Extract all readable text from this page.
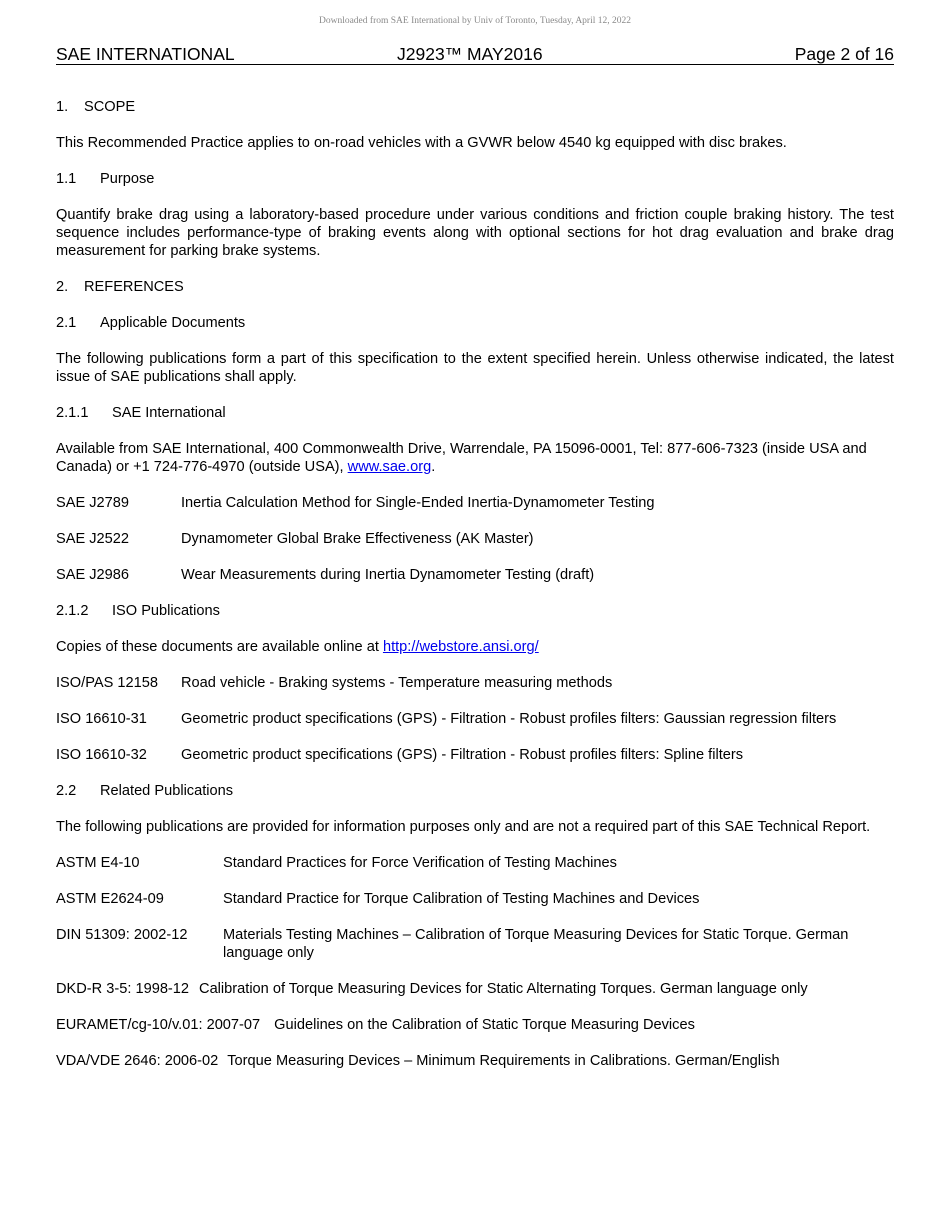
Downloaded from SAE International by Univ of Toronto, Tuesday, April 12, 2022
SAE INTERNATIONAL	J2923™ MAY2016	Page 2 of 16

1. SCOPE

This Recommended Practice applies to on-road vehicles with a GVWR below 4540 kg equipped with disc brakes.

1.1 Purpose

Quantify brake drag using a laboratory-based procedure under various conditions and friction couple braking history. The test sequence includes performance-type of braking events along with optional sections for hot drag evaluation and brake drag measurement for parking brake systems.

2. REFERENCES

2.1 Applicable Documents

The following publications form a part of this specification to the extent specified herein. Unless otherwise indicated, the latest issue of SAE publications shall apply.

2.1.1 SAE International

Available from SAE International, 400 Commonwealth Drive, Warrendale, PA 15096-0001, Tel: 877-606-7323 (inside USA and Canada) or +1 724-776-4970 (outside USA), www.sae.org.

SAE J2789	Inertia Calculation Method for Single-Ended Inertia-Dynamometer Testing

SAE J2522	Dynamometer Global Brake Effectiveness (AK Master)

SAE J2986	Wear Measurements during Inertia Dynamometer Testing (draft)

2.1.2 ISO Publications

Copies of these documents are available online at http://webstore.ansi.org/

ISO/PAS 12158 Road vehicle - Braking systems - Temperature measuring methods

ISO 16610-31 Geometric product specifications (GPS) - Filtration - Robust profiles filters: Gaussian regression filters

ISO 16610-32 Geometric product specifications (GPS) - Filtration - Robust profiles filters: Spline filters

2.2 Related Publications

The following publications are provided for information purposes only and are not a required part of this SAE Technical Report.

ASTM E4-10	Standard Practices for Force Verification of Testing Machines

ASTM E2624-09	Standard Practice for Torque Calibration of Testing Machines and Devices

DIN 51309: 2002-12 Materials Testing Machines – Calibration of Torque Measuring Devices for Static Torque. German language only

DKD-R 3-5: 1998-12 Calibration of Torque Measuring Devices for Static Alternating Torques. German language only

EURAMET/cg-10/v.01: 2007-07 Guidelines on the Calibration of Static Torque Measuring Devices

VDA/VDE 2646: 2006-02 Torque Measuring Devices – Minimum Requirements in Calibrations. German/English
